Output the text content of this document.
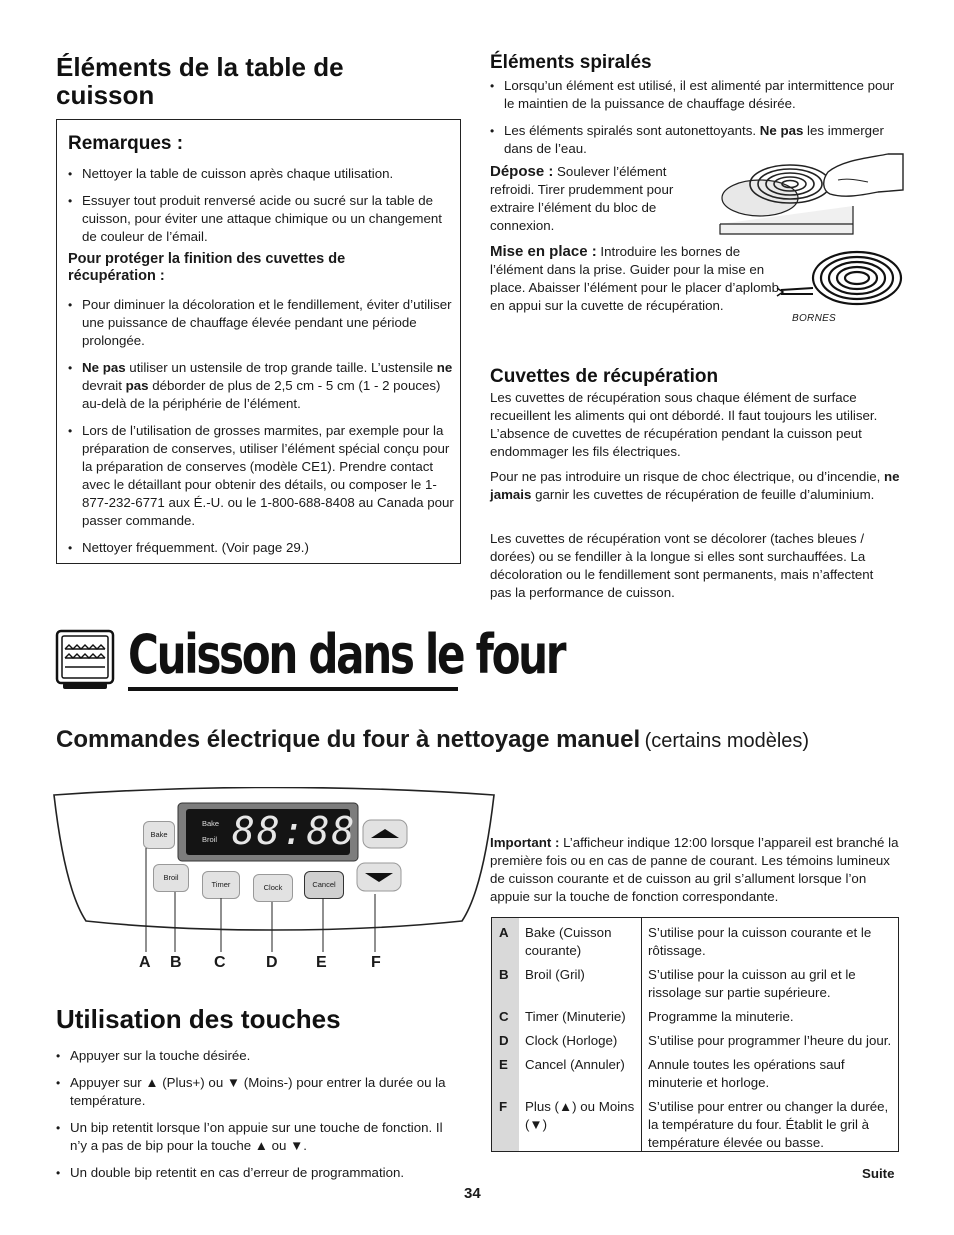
Éléments de la table de cuisson
Remarques :
• Nettoyer la table de cuisson après chaque utilisation.
• Essuyer tout produit renversé acide ou sucré sur la table de cuisson, pour éviter une attaque chimique ou un changement de couleur de l’émail.

Pour protéger la finition des cuvettes de récupération :

• Pour diminuer la décoloration et le fendillement, éviter d’utiliser une puissance de chauffage élevée pendant une période prolongée.
• Ne pas utiliser un ustensile de trop grande taille. L’ustensile ne devrait pas déborder de plus de 2,5 cm - 5 cm (1 - 2 pouces) au-delà de la périphérie de l’élément.
• Lors de l’utilisation de grosses marmites, par exemple pour la préparation de conserves, utiliser l’élément spécial conçu pour la préparation de conserves (modèle CE1). Prendre contact avec le détaillant pour obtenir des détails, ou composer le 1-877-232-6771 aux É.-U. ou le 1-800-688-8408 au Canada pour passer commande.
• Nettoyer fréquemment. (Voir page 29.)
Éléments spiralés
• Lorsqu’un élément est utilisé, il est alimenté par intermittence pour le maintien de la puissance de chauffage désirée.
• Les éléments spiralés sont autonettoyants. Ne pas les immerger dans de l’eau.

Dépose : Soulever l’élément refroidi. Tirer prudemment pour extraire l’élément du bloc de connexion.

Mise en place : Introduire les bornes de l’élément dans la prise. Guider pour la mise en place. Abaisser l’élément pour le placer d’aplomb en appui sur la cuvette de récupération.

BORNES
Cuvettes de récupération

Les cuvettes de récupération sous chaque élément de surface recueillent les aliments qui ont débordé. Il faut toujours les utiliser. L’absence de cuvettes de récupération pendant la cuisson peut endommager les fils électriques.

Pour ne pas introduire un risque de choc électrique, ou d’incendie, ne jamais garnir les cuvettes de récupération de feuille d’aluminium.

Les cuvettes de récupération vont se décolorer (taches bleues / dorées) ou se fendiller à la longue si elles sont surchauffées. La décoloration ou le fendillement sont permanents, mais n’affectent pas la performance de cuisson.

Cuisson dans le four
Commandes électrique du four à nettoyage manuel (certains modèles)
Bake
Broil 88:88
Bake
Broil
Timer	Clock	Cancel
A B C	D E	F

Important : L’afficheur indique 12:00 lorsque l’appareil est branché la première fois ou en cas de panne de courant. Les témoins lumineux de cuisson courante et de cuisson au gril s’allument lorsque l’on appuie sur la touche de fonction correspondante.

A	Bake (Cuisson courante)	S’utilise pour la cuisson courante et le rôtissage.
B	Broil (Gril)	S’utilise pour la cuisson au gril et le rissolage sur partie supérieure.
C	Timer (Minuterie)	Programme la minuterie.
D	Clock (Horloge)	S’utilise pour programmer l’heure du jour.
E	Cancel (Annuler)	Annule toutes les opérations sauf minuterie et horloge.
F	Plus (▲) ou Moins (▼)	S’utilise pour entrer ou changer la durée, la température du four. Établit le gril à température élevée ou basse.

Utilisation des touches
• Appuyer sur la touche désirée.
• Appuyer sur ▲ (Plus+) ou ▼ (Moins-) pour entrer la durée ou la température.
• Un bip retentit lorsque l’on appuie sur une touche de fonction. Il n’y a pas de bip pour la touche ▲ ou ▼.
• Un double bip retentit en cas d’erreur de programmation.	Suite
34
